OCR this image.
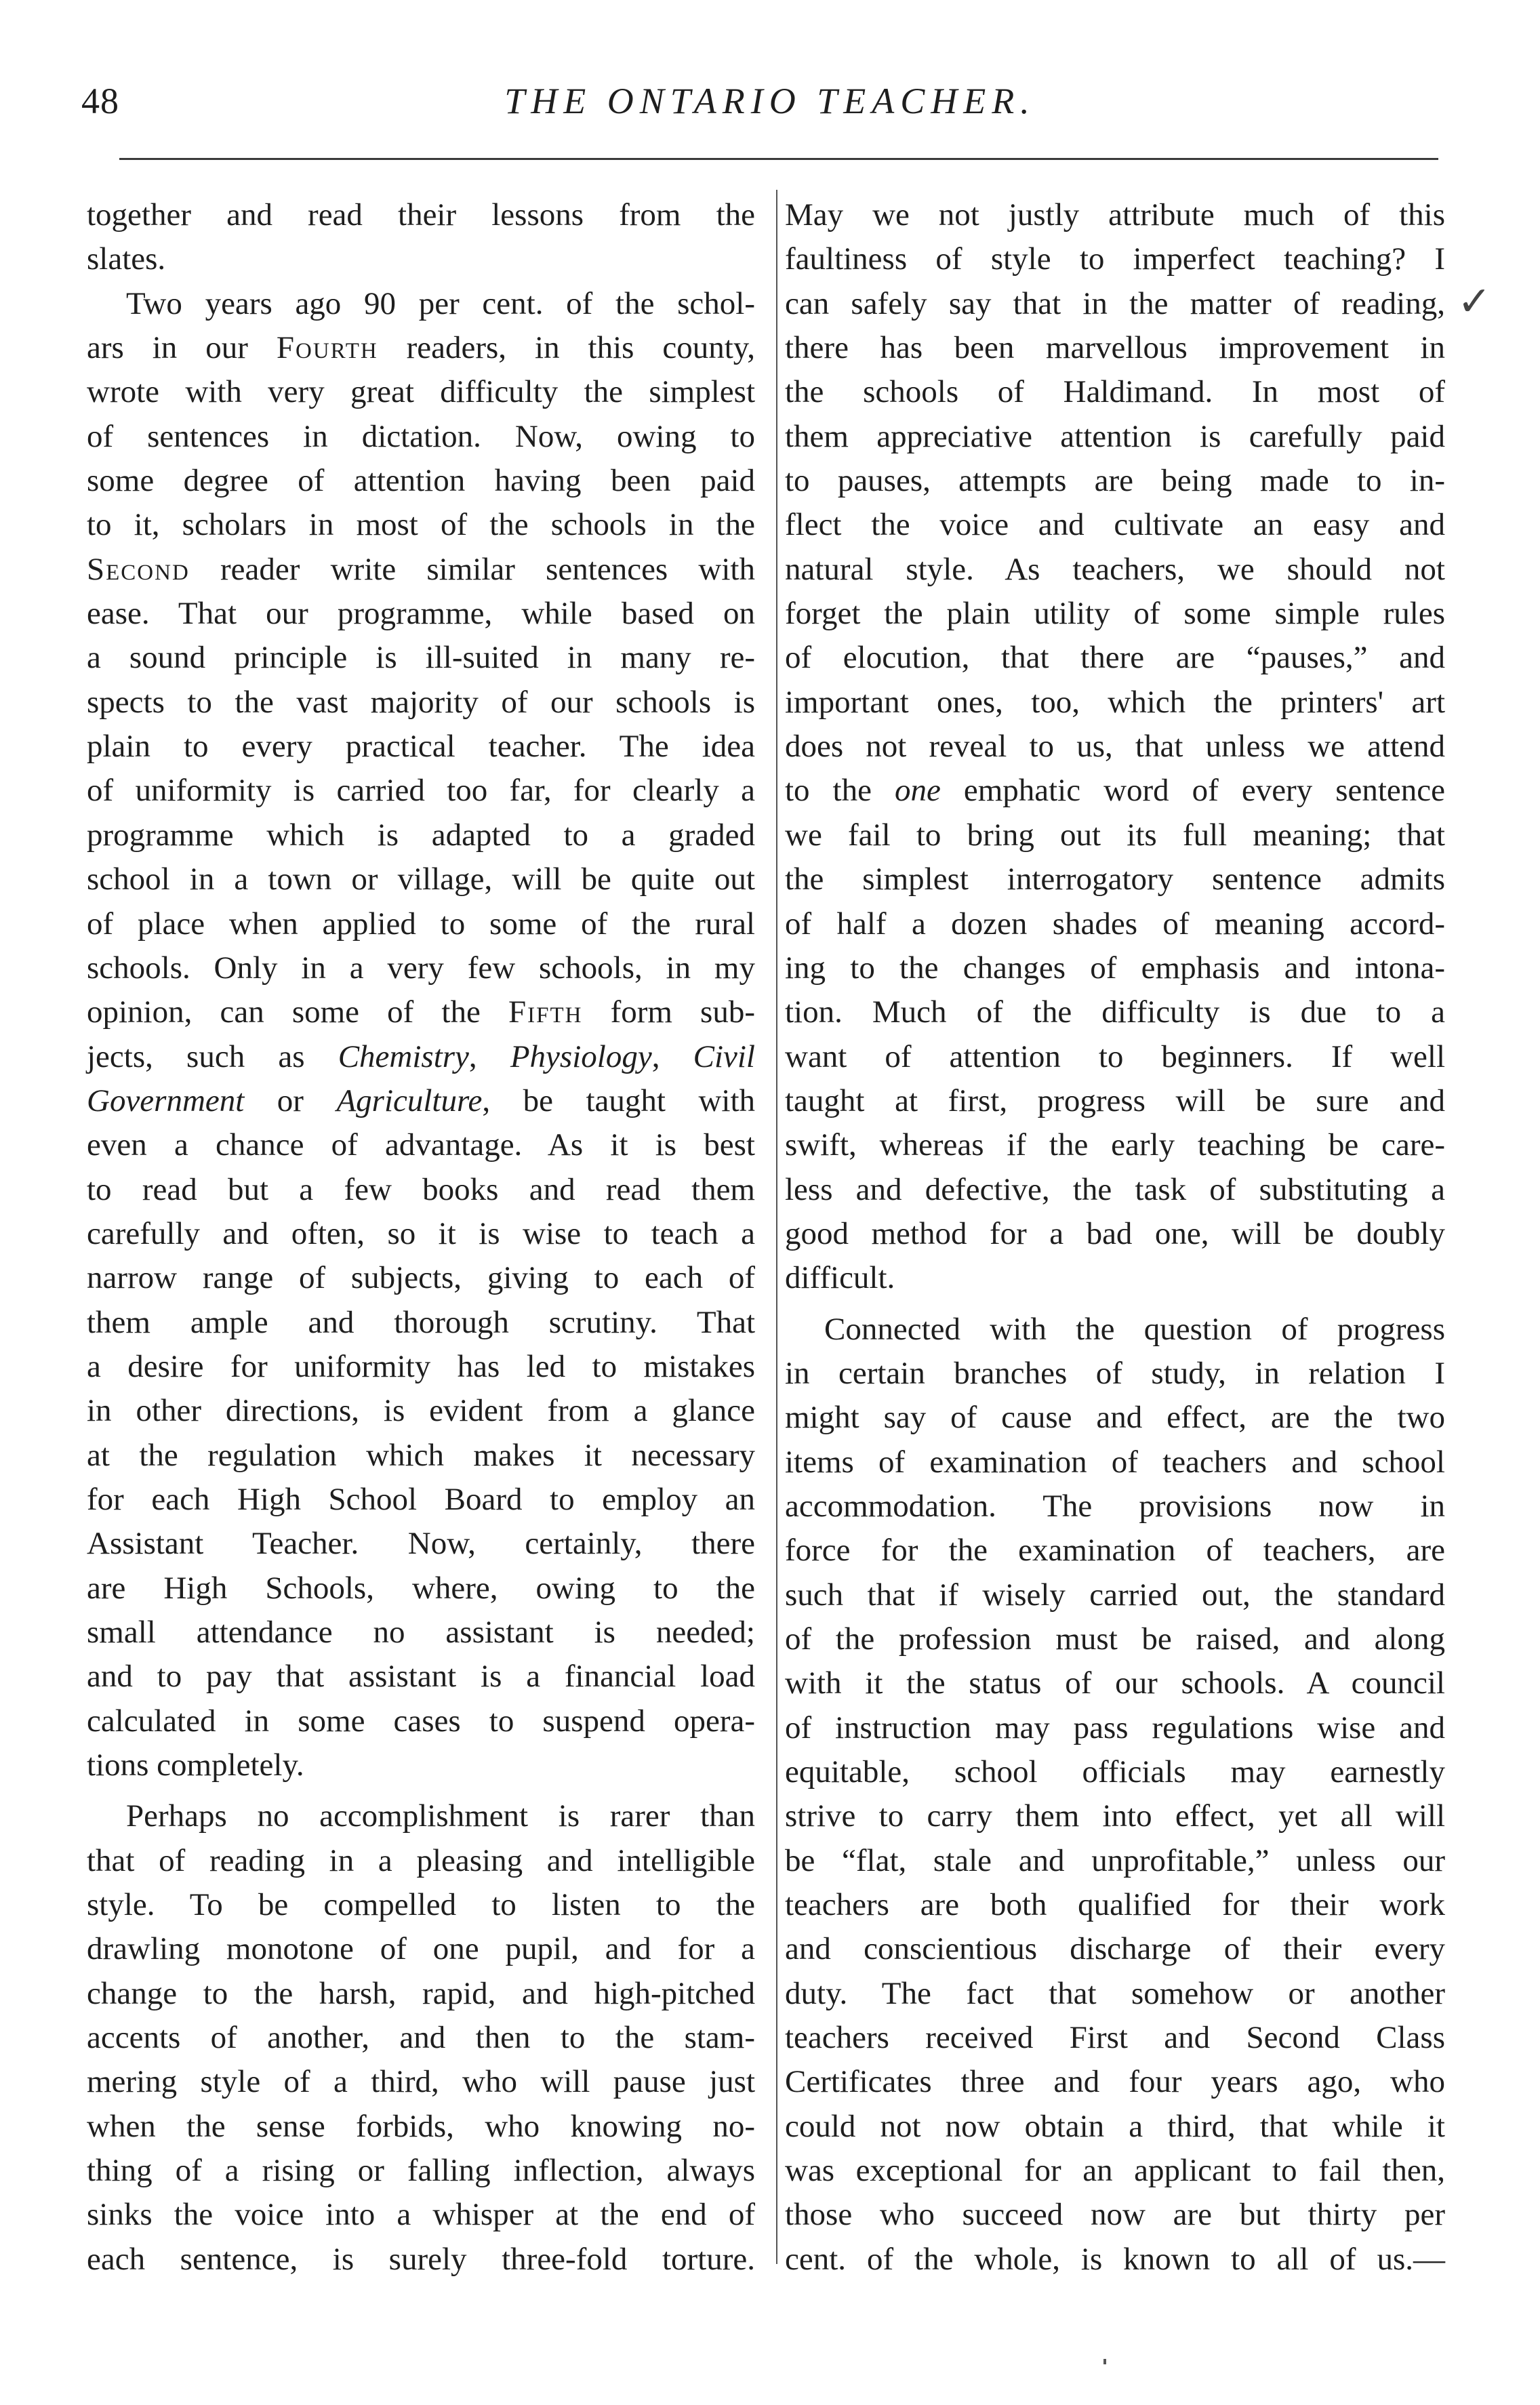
48	THE ONTARIO TEACHER.
together and read their lessons from the
slates.
Two years ago 90 per cent. of the schol-
ars in our Fourth readers, in this county,
wrote with very great difficulty the simplest
of sentences in dictation. Now, owing to
some degree of attention having been paid
to it, scholars in most of the schools in the
Second reader write similar sentences with
ease. That our programme, while based on
a sound principle is ill-suited in many re-
spects to the vast majority of our schools is
plain to every practical teacher. The idea
of uniformity is carried too far, for clearly a
programme which is adapted to a graded
school in a town or village, will be quite out
of place when applied to some of the rural
schools. Only in a very few schools, in my
opinion, can some of the Fifth form sub-
jects, such as Chemistry, Physiology, Civil
Government or Agriculture, be taught with
even a chance of advantage. As it is best
to read but a few books and read them
carefully and often, so it is wise to teach a
narrow range of subjects, giving to each of
them ample and thorough scrutiny. That
a desire for uniformity has led to mistakes
in other directions, is evident from a glance
at the regulation which makes it necessary
for each High School Board to employ an
Assistant Teacher. Now, certainly, there
are High Schools, where, owing to the
small attendance no assistant is needed;
and to pay that assistant is a financial load
calculated in some cases to suspend opera-
tions completely.
Perhaps no accomplishment is rarer than
that of reading in a pleasing and intelligible
style. To be compelled to listen to the
drawling monotone of one pupil, and for a
change to the harsh, rapid, and high-pitched
accents of another, and then to the stam-
mering style of a third, who will pause just
when the sense forbids, who knowing no-
thing of a rising or falling inflection, always
sinks the voice into a whisper at the end of
each sentence, is surely three-fold torture.
May we not justly attribute much of this
faultiness of style to imperfect teaching? I
can safely say that in the matter of reading,
there has been marvellous improvement in
the schools of Haldimand. In most of
them appreciative attention is carefully paid
to pauses, attempts are being made to in-
flect the voice and cultivate an easy and
natural style. As teachers, we should not
forget the plain utility of some simple rules
of elocution, that there are “pauses,” and
important ones, too, which the printers' art
does not reveal to us, that unless we attend
to the one emphatic word of every sentence
we fail to bring out its full meaning; that
the simplest interrogatory sentence admits
of half a dozen shades of meaning accord-
ing to the changes of emphasis and intona-
tion. Much of the difficulty is due to a
want of attention to beginners. If well
taught at first, progress will be sure and
swift, whereas if the early teaching be care-
less and defective, the task of substituting a
good method for a bad one, will be doubly
difficult.
Connected with the question of progress
in certain branches of study, in relation I
might say of cause and effect, are the two
items of examination of teachers and school
accommodation. The provisions now in
force for the examination of teachers, are
such that if wisely carried out, the standard
of the profession must be raised, and along
with it the status of our schools. A council
of instruction may pass regulations wise and
equitable, school officials may earnestly
strive to carry them into effect, yet all will
be “flat, stale and unprofitable,” unless our
teachers are both qualified for their work
and conscientious discharge of their every
duty. The fact that somehow or another
teachers received First and Second Class
Certificates three and four years ago, who
could not now obtain a third, that while it
was exceptional for an applicant to fail then,
those who succeed now are but thirty per
cent. of the whole, is known to all of us.—
✓
